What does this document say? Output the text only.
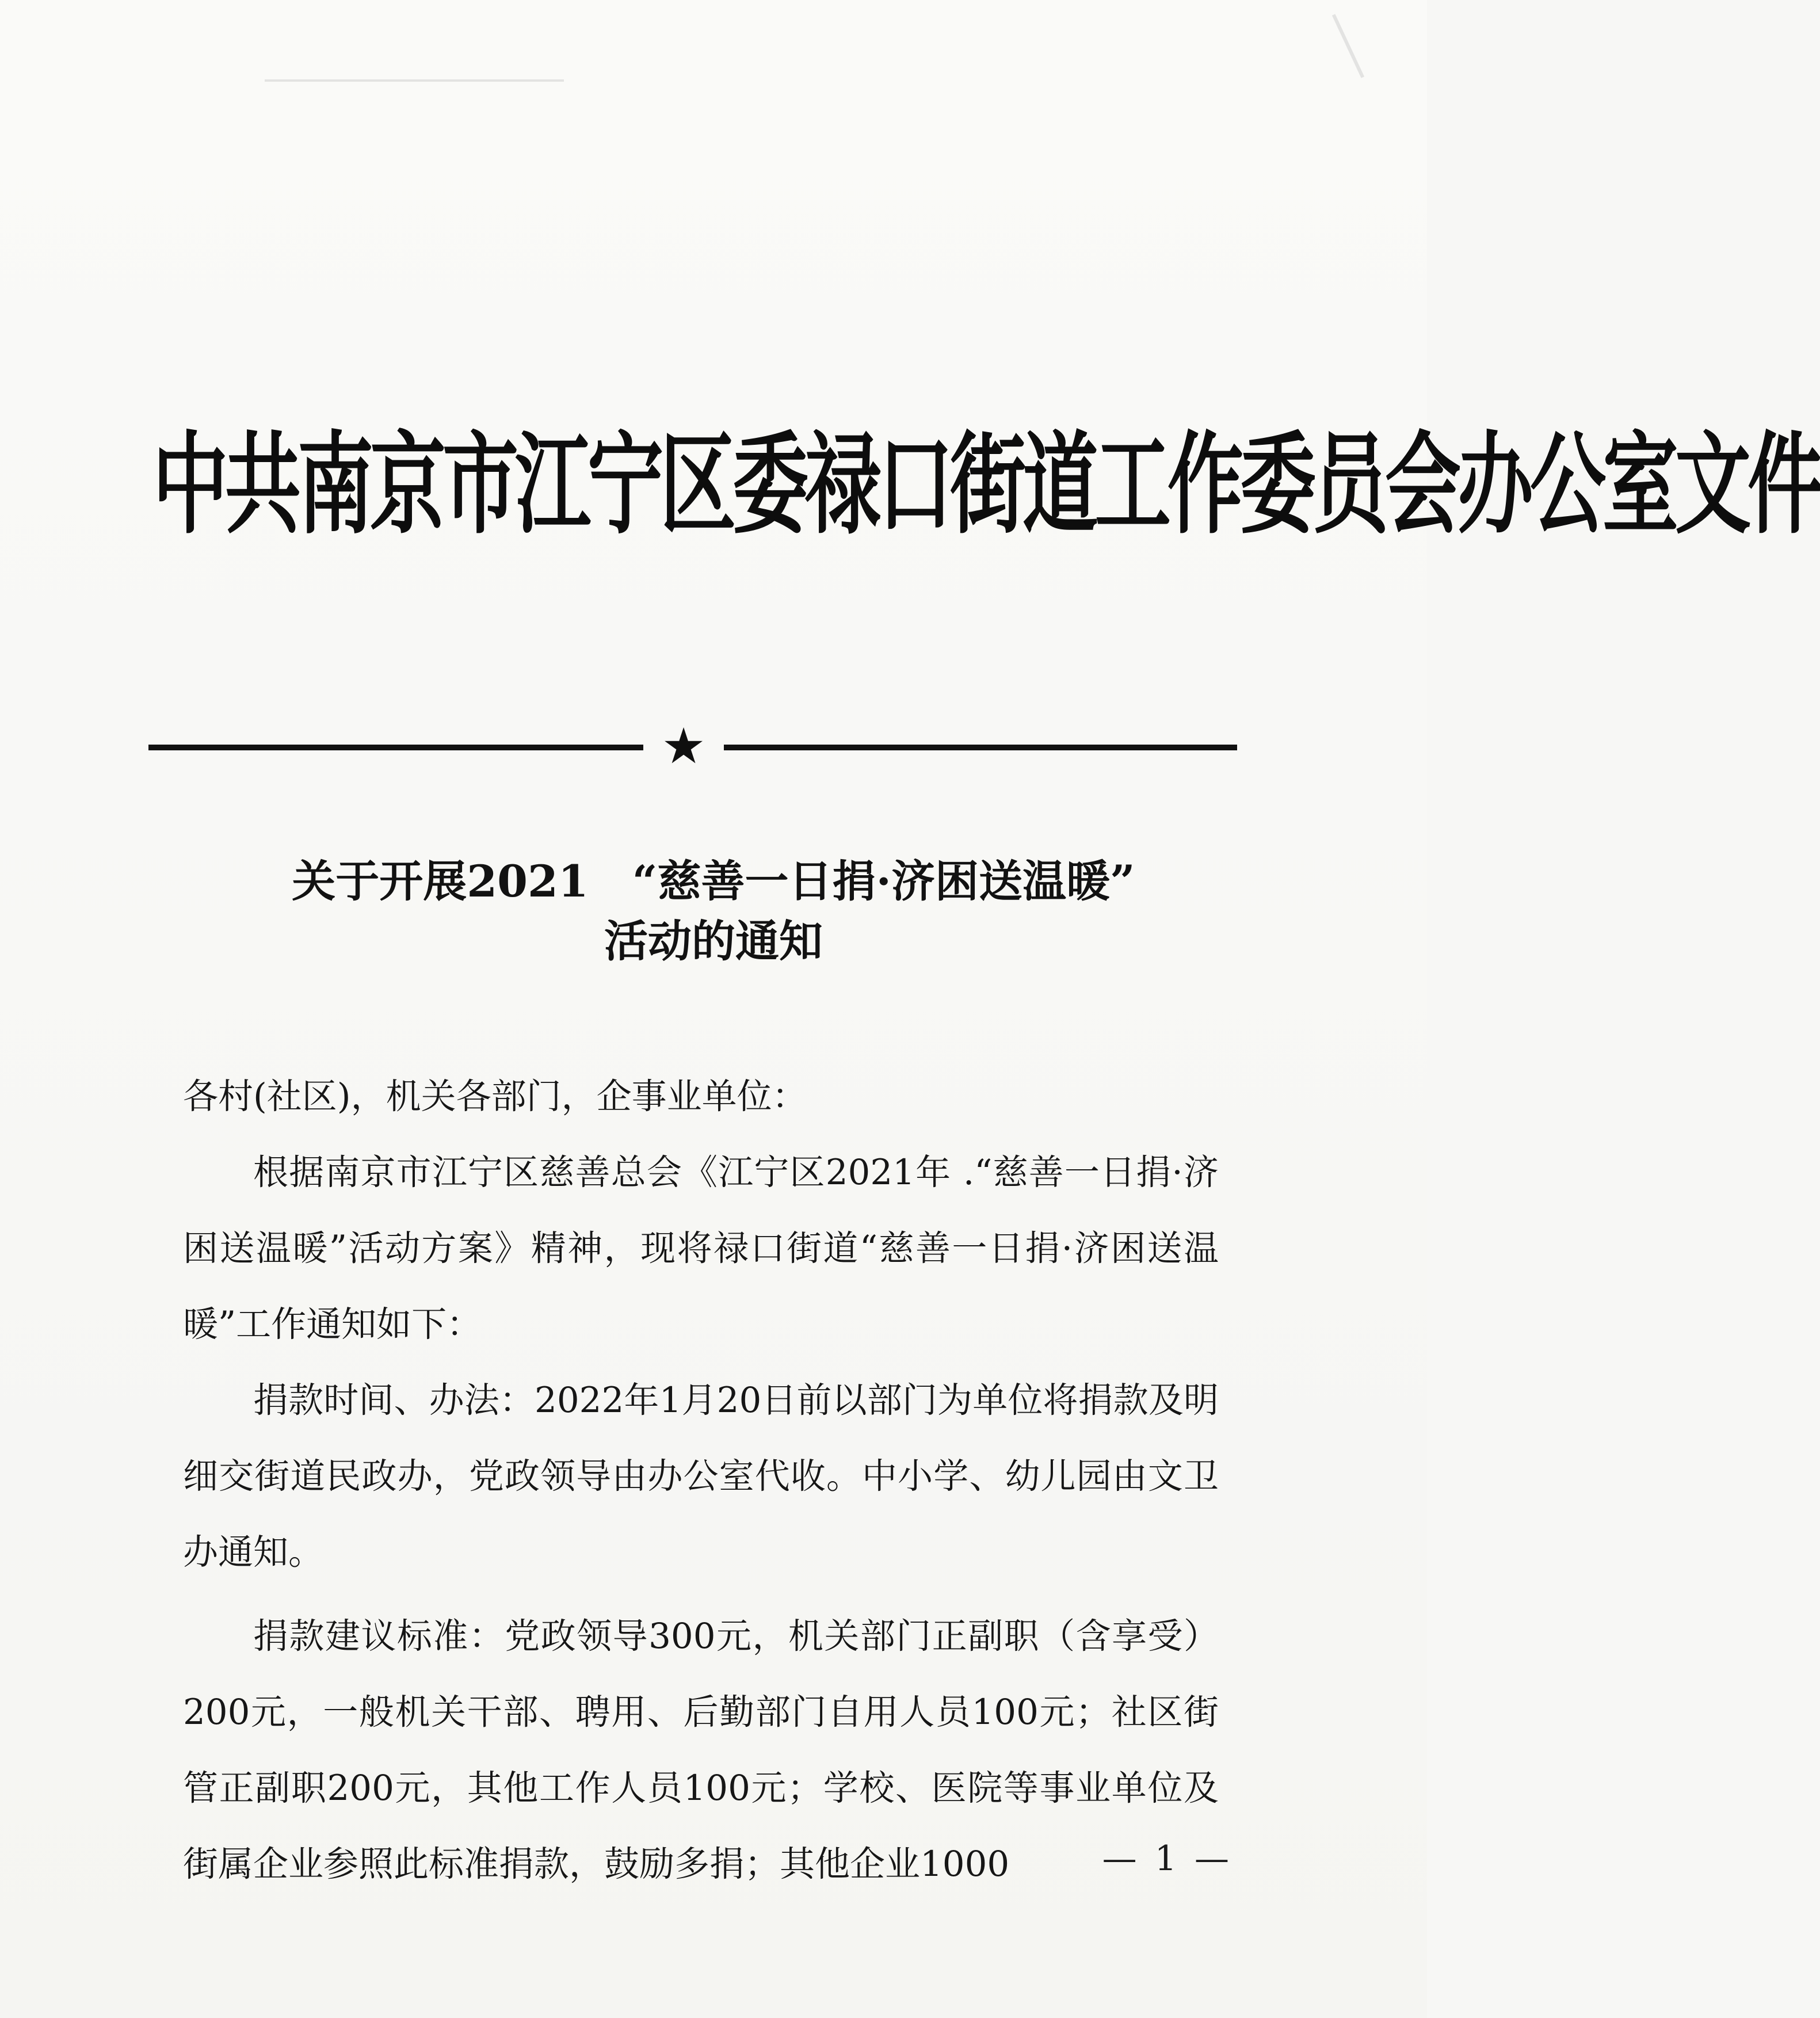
中共南京市江宁区委禄口街道工作委员会办公室文件
★
关于开展2021　“慈善一日捐·济困送温暖”
活动的通知

各村(社区)，机关各部门，企事业单位：

根据南京市江宁区慈善总会《江宁区2021年 .“慈善一日捐·济困送温暖”活动方案》精神，现将禄口街道“慈善一日捐·济困送温暖”工作通知如下：

捐款时间、办法：2022年1月20日前以部门为单位将捐款及明细交街道民政办，党政领导由办公室代收。中小学、幼儿园由文卫办通知。

捐款建议标准：党政领导300元，机关部门正副职（含享受）200元，一般机关干部、聘用、后勤部门自用人员100元；社区街管正副职200元，其他工作人员100元；学校、医院等事业单位及街属企业参照此标准捐款，鼓励多捐；其他企业1000	— 1 —
